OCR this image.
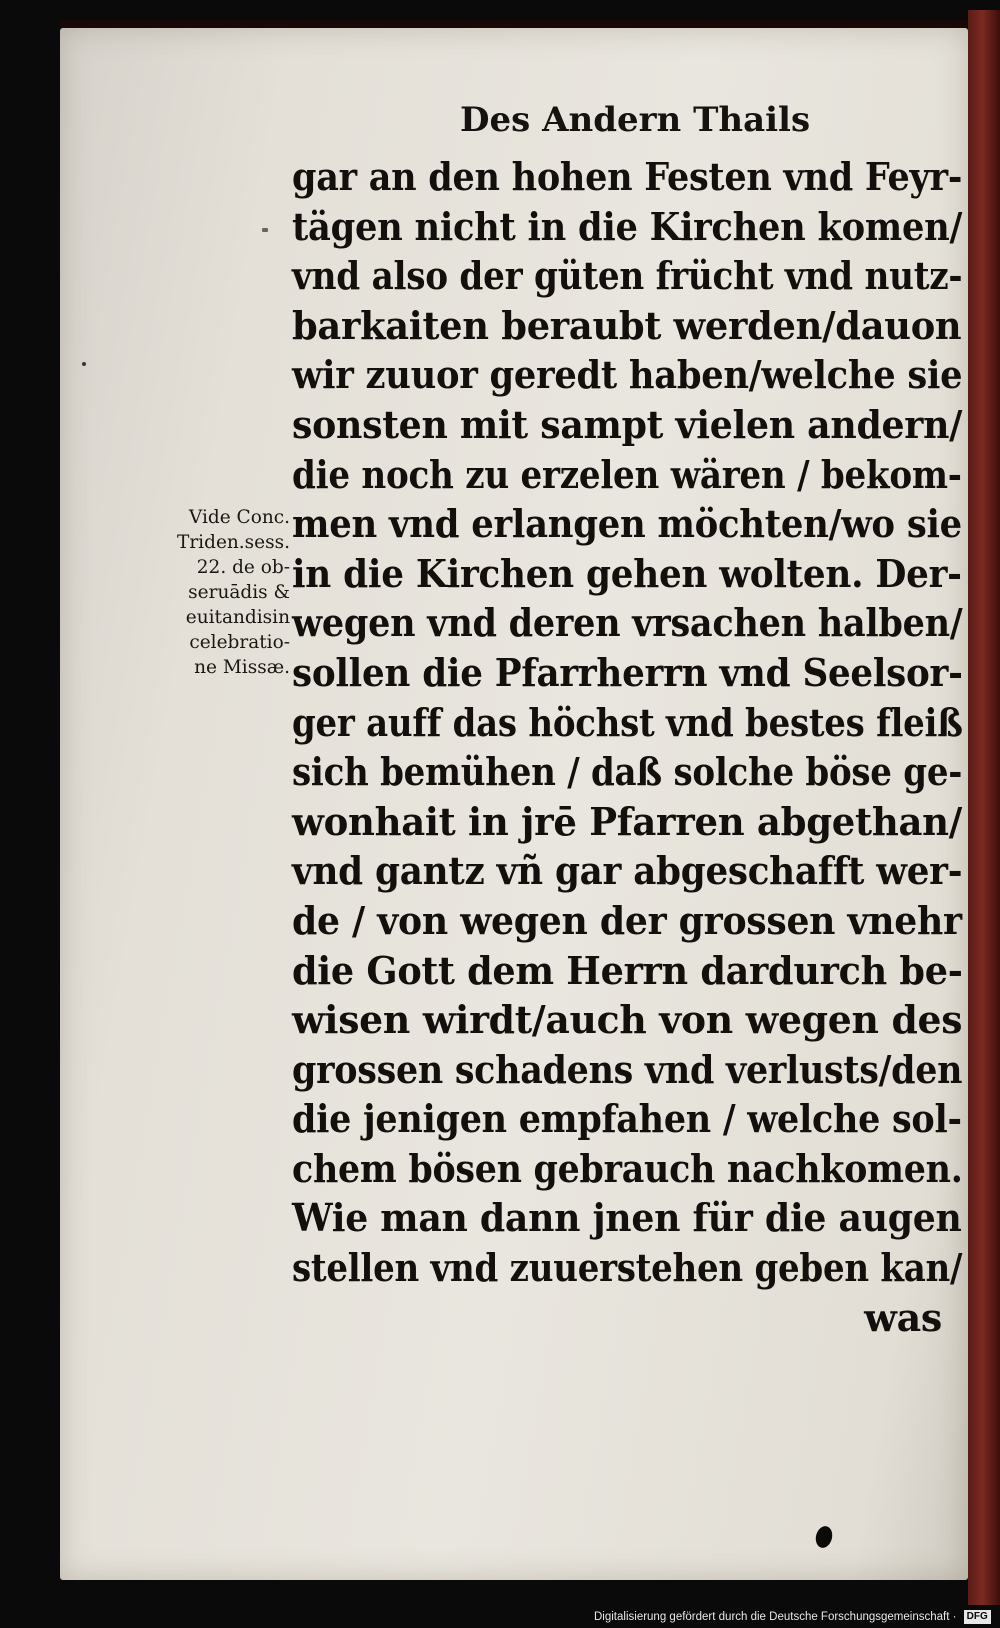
Des Andern Thails
Vide Conc.
Triden.sess.
22. de ob-
seruādis &
euitandisin
celebratio-
ne Missæ.
gar an den hohen Festen vnd Feyr-
tägen nicht in die Kirchen komen/
vnd also der güten frücht vnd nutz-
barkaiten beraubt werden/dauon
wir zuuor geredt haben/welche sie
sonsten mit sampt vielen andern/
die noch zu erzelen wären / bekom-
men vnd erlangen möchten/wo sie
in die Kirchen gehen wolten. Der-
wegen vnd deren vrsachen halben/
sollen die Pfarrherrn vnd Seelsor-
ger auff das höchst vnd bestes fleiß
sich bemühen / daß solche böse ge-
wonhait in jrē Pfarren abgethan/
vnd gantz vñ gar abgeschafft wer-
de / von wegen der grossen vnehr
die Gott dem Herrn dardurch be-
wisen wirdt/auch von wegen des
grossen schadens vnd verlusts/den
die jenigen empfahen / welche sol-
chem bösen gebrauch nachkomen.
Wie man dann jnen für die augen
stellen vnd zuuerstehen geben kan/
was
Digitalisierung gefördert durch die Deutsche Forschungsgemeinschaft · DFG
